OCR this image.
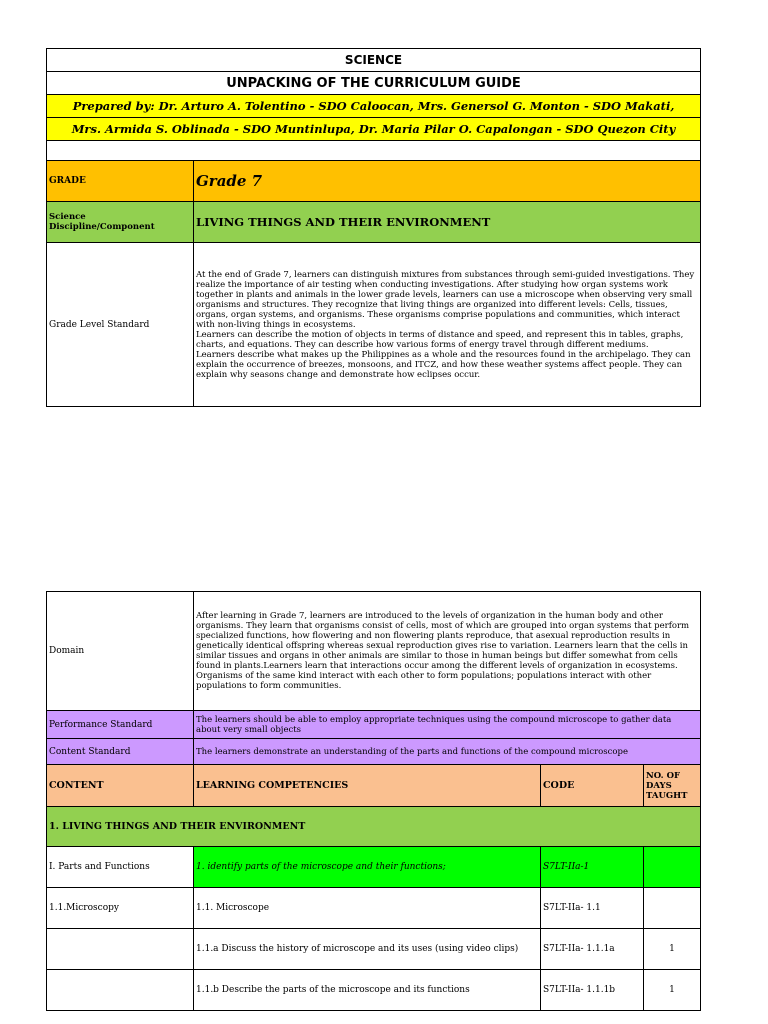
SCIENCE	
UNPACKING OF THE CURRICULUM GUIDE	
Prepared by: Dr. Arturo A. Tolentino - SDO Caloocan, Mrs. Genersol G. Monton - SDO Makati,	
Mrs. Armida S. Oblinada - SDO Muntinlupa, Dr. Maria Pilar O. Capalongan - SDO Quezon City	

GRADE	Grade 7
Science Discipline/Component	LIVING THINGS AND THEIR ENVIRONMENT
Grade Level Standard	At the end of Grade 7, learners can distinguish mixtures from substances through semi-guided investigations. They realize the importance of air testing when conducting investigations. After studying how organ systems work together in plants and animals in the lower grade levels, learners can use a microscope when observing very small organisms and structures. They recognize that living things are organized into different levels: Cells, tissues, organs, organ systems, and organisms. These organisms comprise populations and communities, which interact with non-living things in ecosystems.
Learners can describe the motion of objects in terms of distance and speed, and represent this in tables, graphs, charts, and equations. They can describe how various forms of energy travel through different mediums.
Learners describe what makes up the Philippines as a whole and the resources found in the archipelago. They can explain the occurrence of breezes, monsoons, and ITCZ, and how these weather systems affect people. They can explain why seasons change and demonstrate how eclipses occur.
Domain	After learning in Grade 7, learners are introduced to the levels of organization in the human body and other organisms. They learn that organisms consist of cells, most of which are grouped into organ systems that perform specialized functions, how flowering and non flowering plants reproduce, that asexual reproduction results in genetically identical offspring whereas sexual reproduction gives rise to variation. Learners learn that the cells in similar tissues and organs in other animals are similar to those in human beings but differ somewhat from cells found in plants.Learners learn that interactions occur among the different levels of organization in ecosystems. Organisms of the same kind interact with each other to form populations; populations interact with other populations to form communities.		
Performance Standard	The learners should be able to employ appropriate techniques using the compound microscope to gather data about very small objects		
Content Standard	The learners demonstrate an understanding of the parts and functions of the compound microscope		
CONTENT	LEARNING COMPETENCIES	CODE	NO. OF DAYS TAUGHT
1. LIVING THINGS AND THEIR ENVIRONMENT			
I. Parts and Functions	1. identify parts of the microscope and their functions;	S7LT-IIa-1	
1.1.Microscopy	1.1. Microscope	S7LT-IIa- 1.1	
	1.1.a Discuss the history of microscope and its uses (using video clips)	S7LT-IIa- 1.1.1a	1
	1.1.b Describe the parts of the microscope and its functions	S7LT-IIa- 1.1.1b	1
